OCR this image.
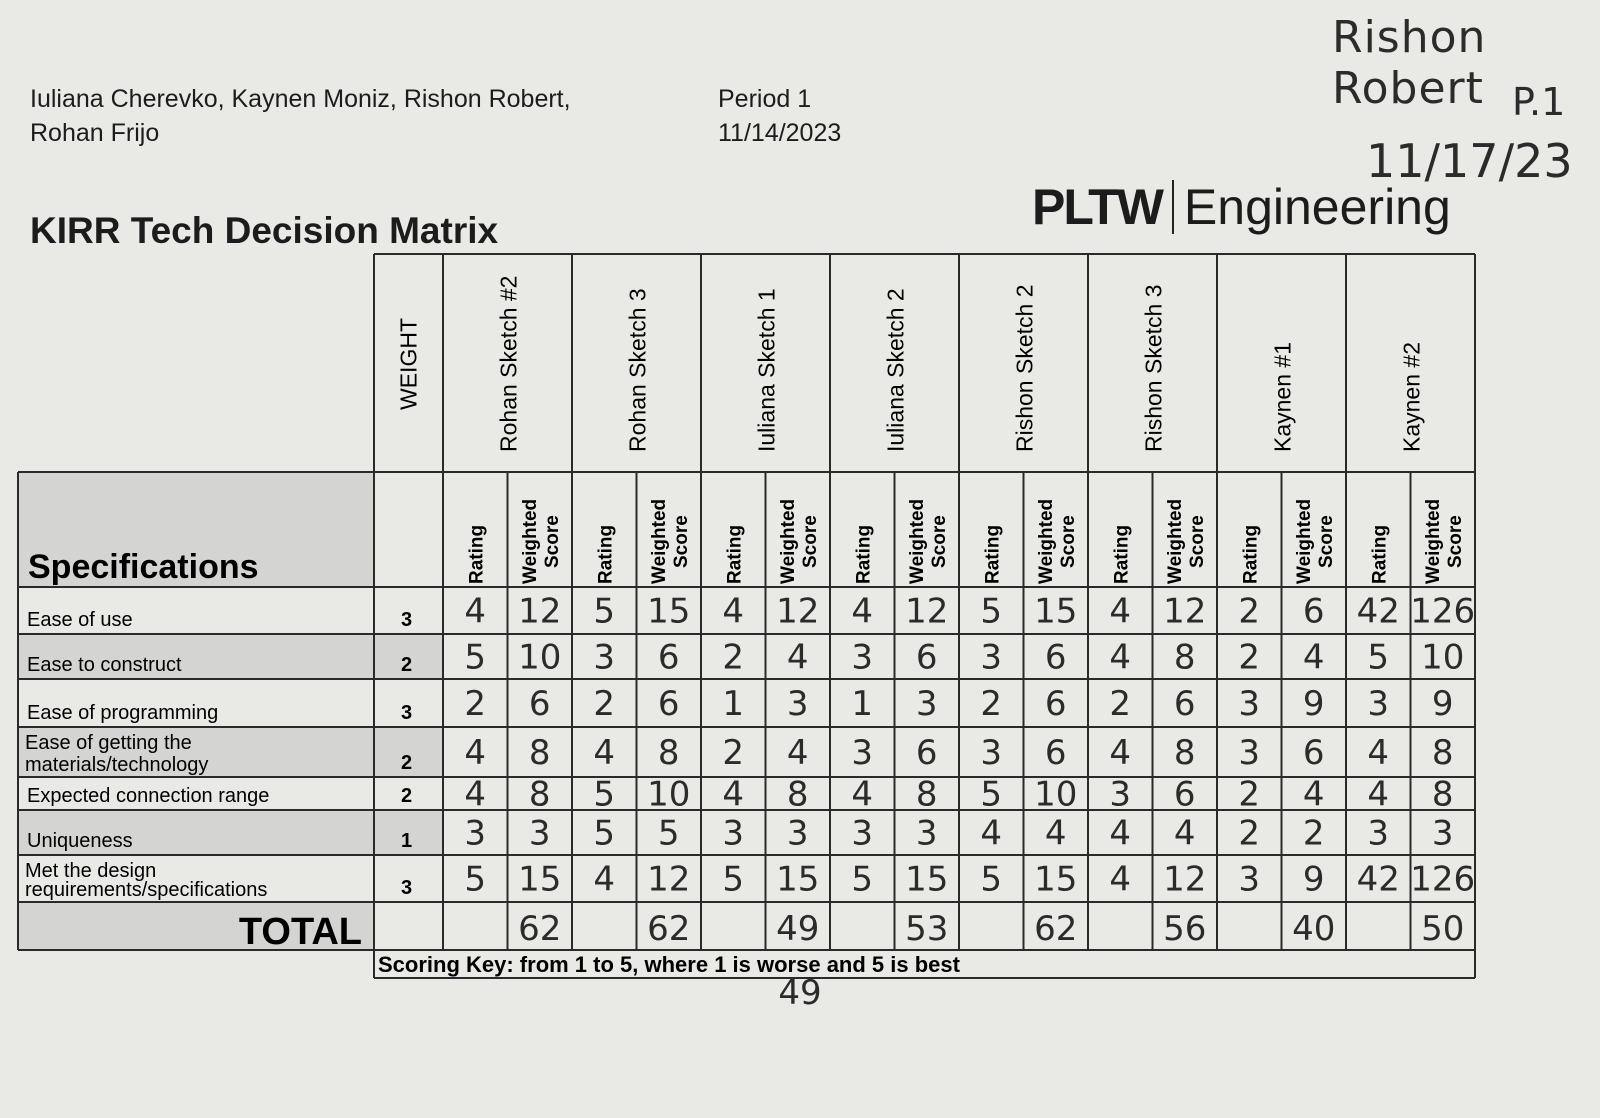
Iuliana Cherevko, Kaynen Moniz, Rishon Robert,
Rohan Frijo
Period 1
11/14/2023
Rishon Robert P.1
11/17/23
KIRR Tech Decision Matrix	PLTW Engineering
WEIGHT	Rohan Sketch #2
Rating Weighted Score
Rohan Sketch 3
Rating Weighted Score
Iuliana Sketch 1
Rating Weighted Score
Iuliana Sketch 2
Rating Weighted Score
Rishon Sketch 2
Rating Weighted Score
Rishon Sketch 3
Rating Weighted Score
Kaynen #1
Rating Weighted Score
Kaynen #2
Rating Weighted Score
Specifications
Ease of use	3 4 12 5 15 4 12 4 12 5 15 4 12 2 6 42 126
Ease to construct	2 5 10 3 6 2 4 3 6 3 6 4 8 2 4 5 10
Ease of programming	3 2 6 2 6 1 3 1 3 2 6 2 6 3 9 3 9
Ease of getting the
materials/technology	2 4 8 4 8 2 4 3 6 3 6 4 8 3 6 4 8
Expected connection range	2 4 8 5 10 4 8 4 8 5 10 3 6 2 4 4 8
Uniqueness	1 3 3 5 5 3 3 3 3 4 4 4 4 2 2 3 3
Met the design
requirements/specifications	3 5 15 4 12 5 15 5 15 5 15 4 12 3 9 42 126
TOTAL	62	62	49	53	62	56	40	50
Scoring Key: from 1 to 5, where 1 is worse and 5 is best
49
